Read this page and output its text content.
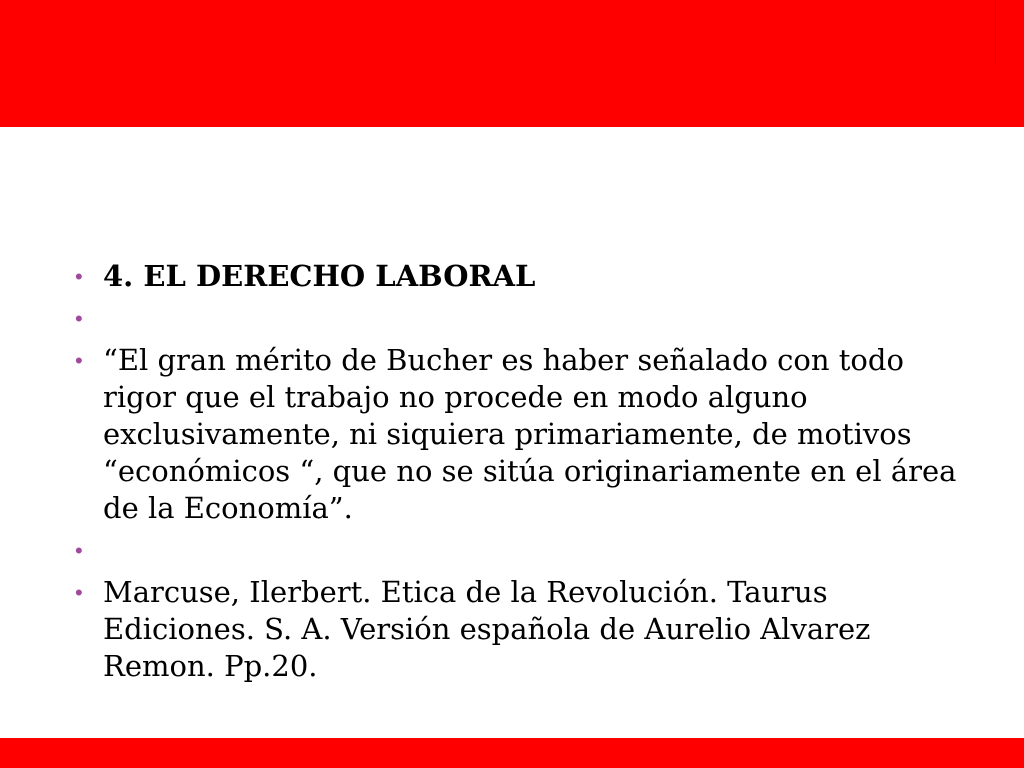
• 4. EL DERECHO LABORAL
•
• “El gran mérito de Bucher es haber señalado con todo rigor que el trabajo no procede en modo alguno exclusivamente, ni siquiera primariamente, de motivos “económicos “, que no se sitúa originariamente en el área de la Economía”.
•
• Marcuse, Ilerbert. Etica de la Revolución. Taurus Ediciones. S. A. Versión española de Aurelio Alvarez Remon. Pp.20.
